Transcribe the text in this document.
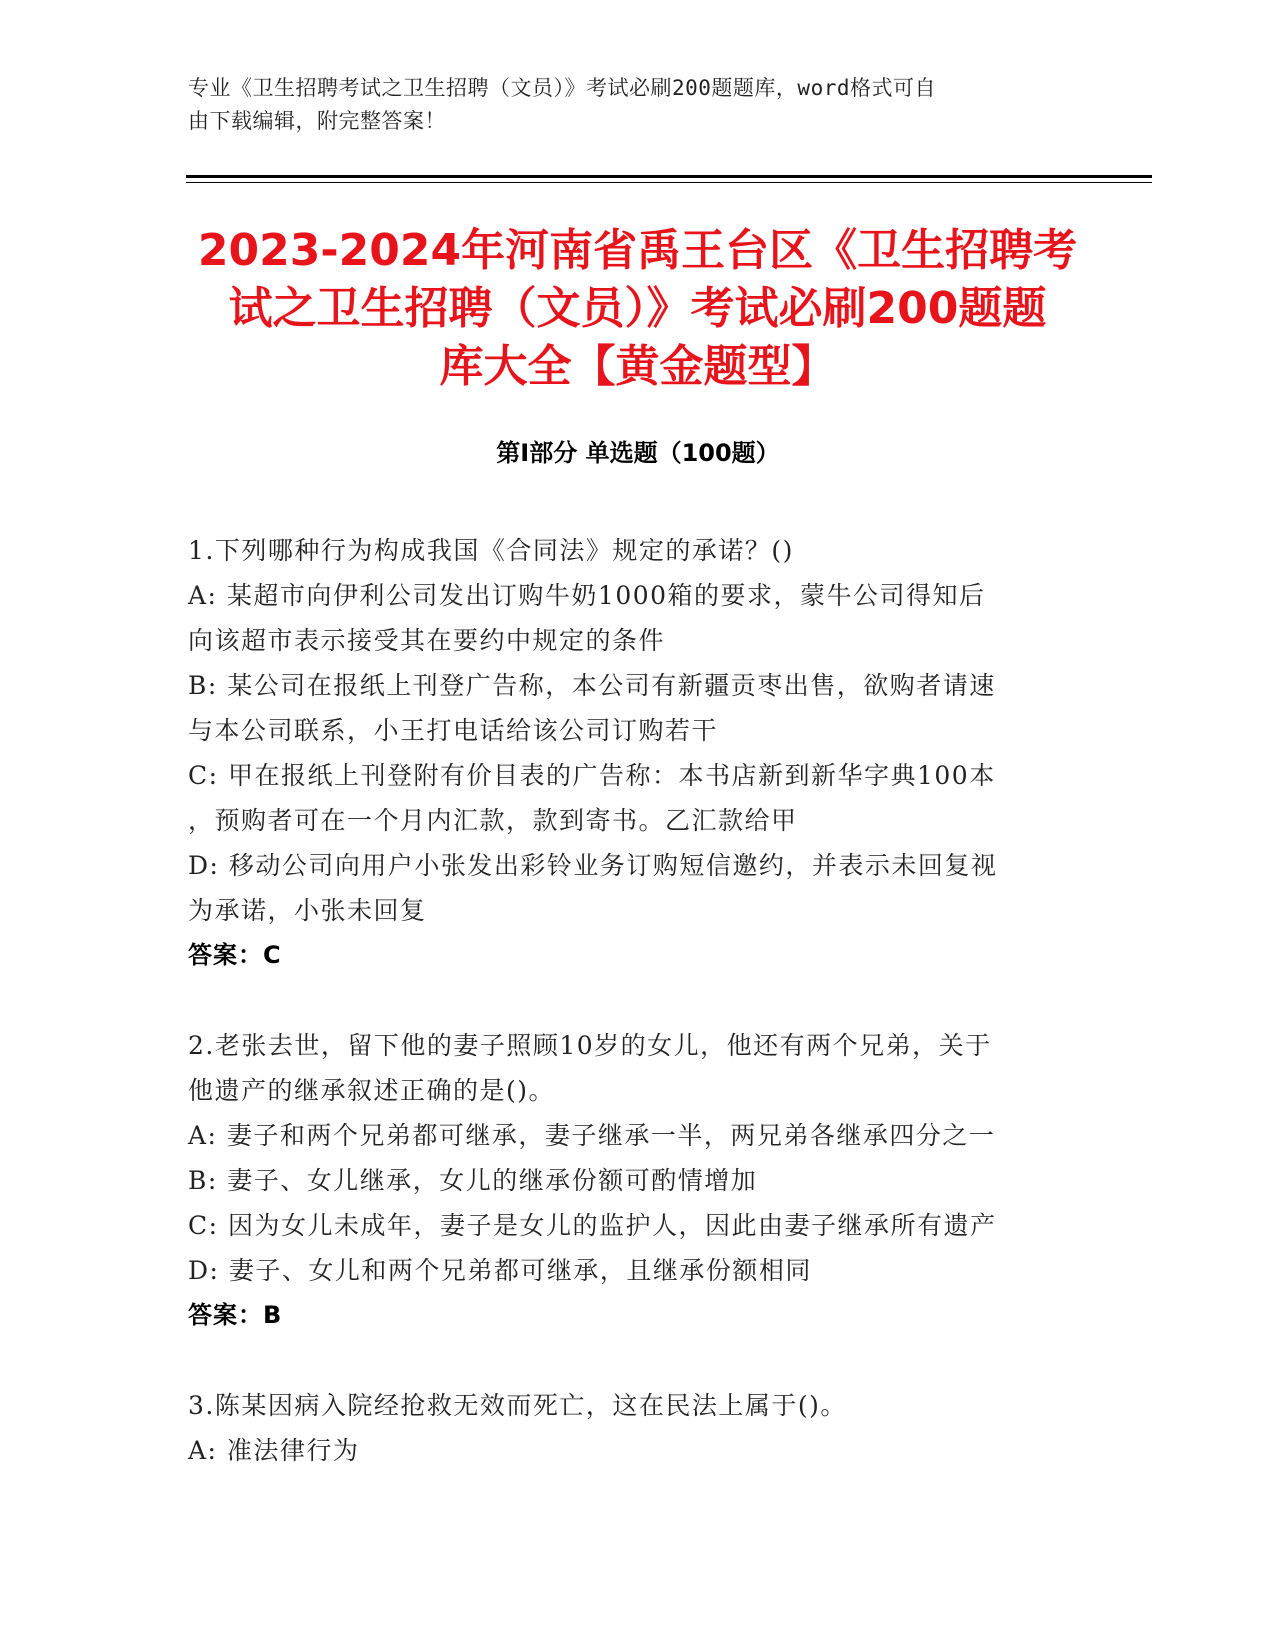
专业《卫生招聘考试之卫生招聘（文员）》考试必刷200题题库，word格式可自
由下载编辑，附完整答案！
2023-2024年河南省禹王台区《卫生招聘考
试之卫生招聘（文员）》考试必刷200题题
库大全【黄金题型】
第Ⅰ部分 单选题（100题）

1.下列哪种行为构成我国《合同法》规定的承诺？()

A: 某超市向伊利公司发出订购牛奶1000箱的要求，蒙牛公司得知后

向该超市表示接受其在要约中规定的条件

B: 某公司在报纸上刊登广告称，本公司有新疆贡枣出售，欲购者请速

与本公司联系，小王打电话给该公司订购若干

C: 甲在报纸上刊登附有价目表的广告称：本书店新到新华字典100本

，预购者可在一个月内汇款，款到寄书。乙汇款给甲

D: 移动公司向用户小张发出彩铃业务订购短信邀约，并表示未回复视

为承诺，小张未回复

答案：C

2.老张去世，留下他的妻子照顾10岁的女儿，他还有两个兄弟，关于

他遗产的继承叙述正确的是()。

A: 妻子和两个兄弟都可继承，妻子继承一半，两兄弟各继承四分之一

B: 妻子、女儿继承，女儿的继承份额可酌情增加

C: 因为女儿未成年，妻子是女儿的监护人，因此由妻子继承所有遗产

D: 妻子、女儿和两个兄弟都可继承，且继承份额相同

答案：B

3.陈某因病入院经抢救无效而死亡，这在民法上属于()。

A: 准法律行为
